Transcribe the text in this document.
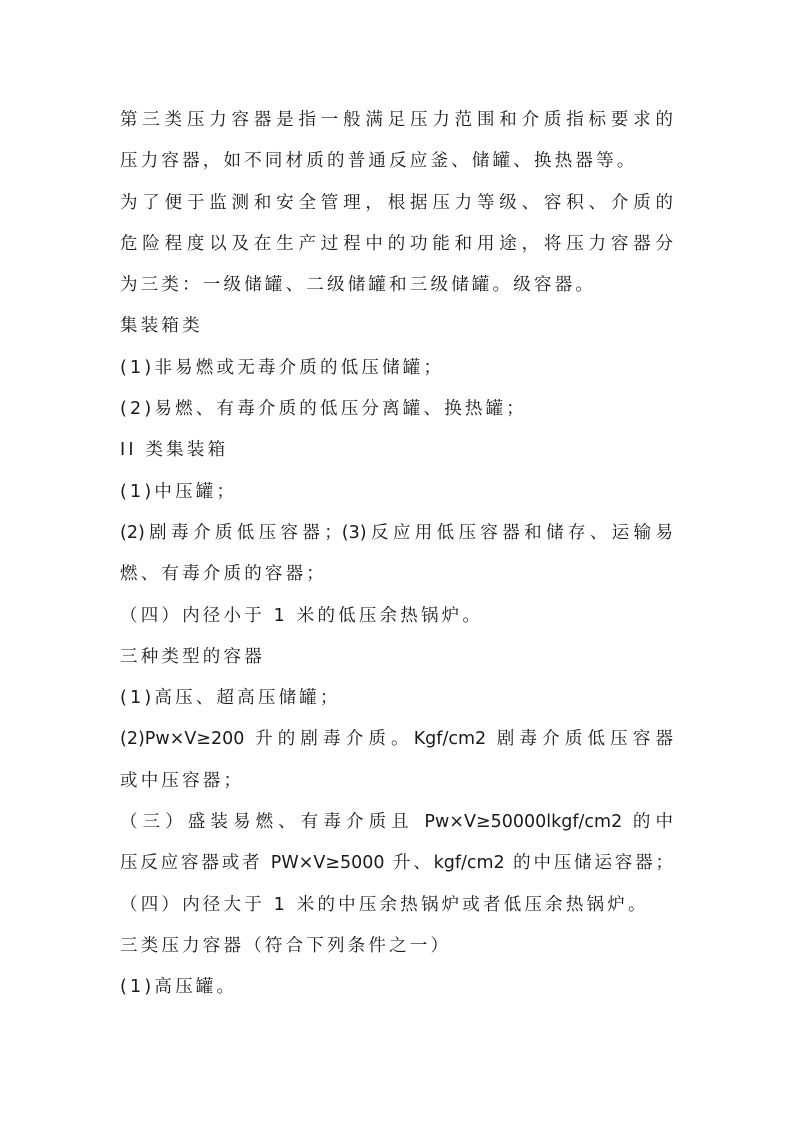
第三类压力容器是指一般满足压力范围和介质指标要求的

压力容器，如不同材质的普通反应釜、储罐、换热器等。

为了便于监测和安全管理，根据压力等级、容积、介质的

危险程度以及在生产过程中的功能和用途，将压力容器分

为三类：一级储罐、二级储罐和三级储罐。级容器。

集装箱类

(1)非易燃或无毒介质的低压储罐；

(2)易燃、有毒介质的低压分离罐、换热罐；

II 类集装箱

(1)中压罐；

(2)剧毒介质低压容器；(3)反应用低压容器和储存、运输易

燃、有毒介质的容器；

（四）内径小于 1 米的低压余热锅炉。

三种类型的容器

(1)高压、超高压储罐；

(2)Pw×V≥200 升的剧毒介质。Kgf/cm2 剧毒介质低压容器

或中压容器；

（三）盛装易燃、有毒介质且 Pw×V≥50000lkgf/cm2 的中

压反应容器或者 PW×V≥5000 升、kgf/cm2 的中压储运容器；

（四）内径大于 1 米的中压余热锅炉或者低压余热锅炉。

三类压力容器（符合下列条件之一）

(1)高压罐。
